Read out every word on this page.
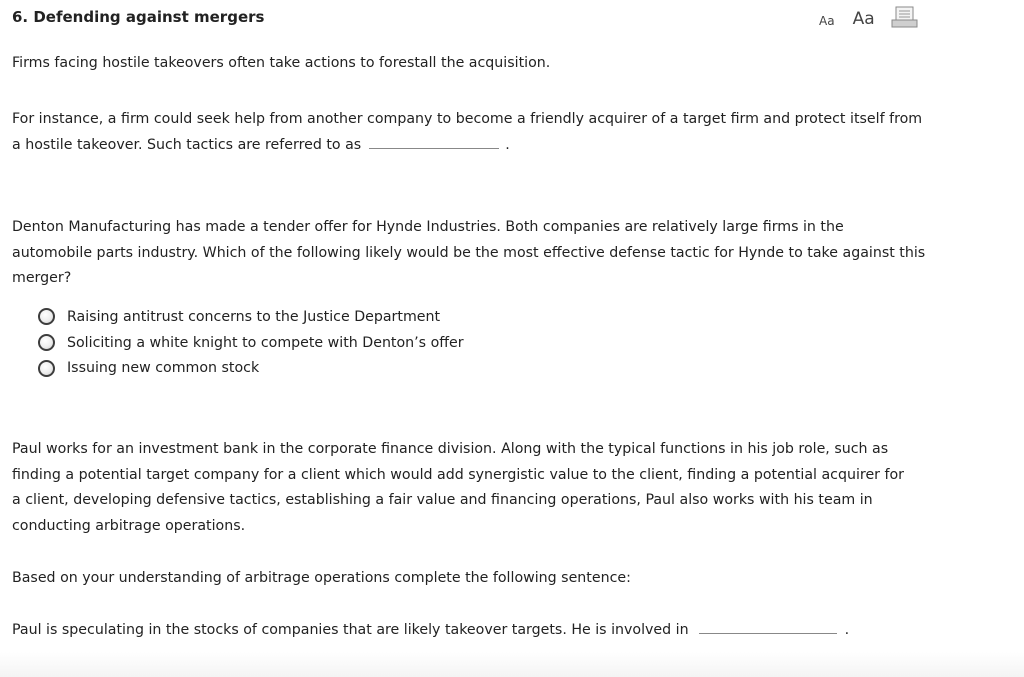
6. Defending against mergers	Aa Aa

Firms facing hostile takeovers often take actions to forestall the acquisition.

For instance, a firm could seek help from another company to become a friendly acquirer of a target firm and protect itself from a hostile takeover. Such tactics are referred to as	.

Denton Manufacturing has made a tender offer for Hynde Industries. Both companies are relatively large firms in the automobile parts industry. Which of the following likely would be the most effective defense tactic for Hynde to take against this merger?

Raising antitrust concerns to the Justice Department
Soliciting a white knight to compete with Denton’s offer
Issuing new common stock

Paul works for an investment bank in the corporate finance division. Along with the typical functions in his job role, such as finding a potential target company for a client which would add synergistic value to the client, finding a potential acquirer for a client, developing defensive tactics, establishing a fair value and financing operations, Paul also works with his team in conducting arbitrage operations.

Based on your understanding of arbitrage operations complete the following sentence:

Paul is speculating in the stocks of companies that are likely takeover targets. He is involved in	.
